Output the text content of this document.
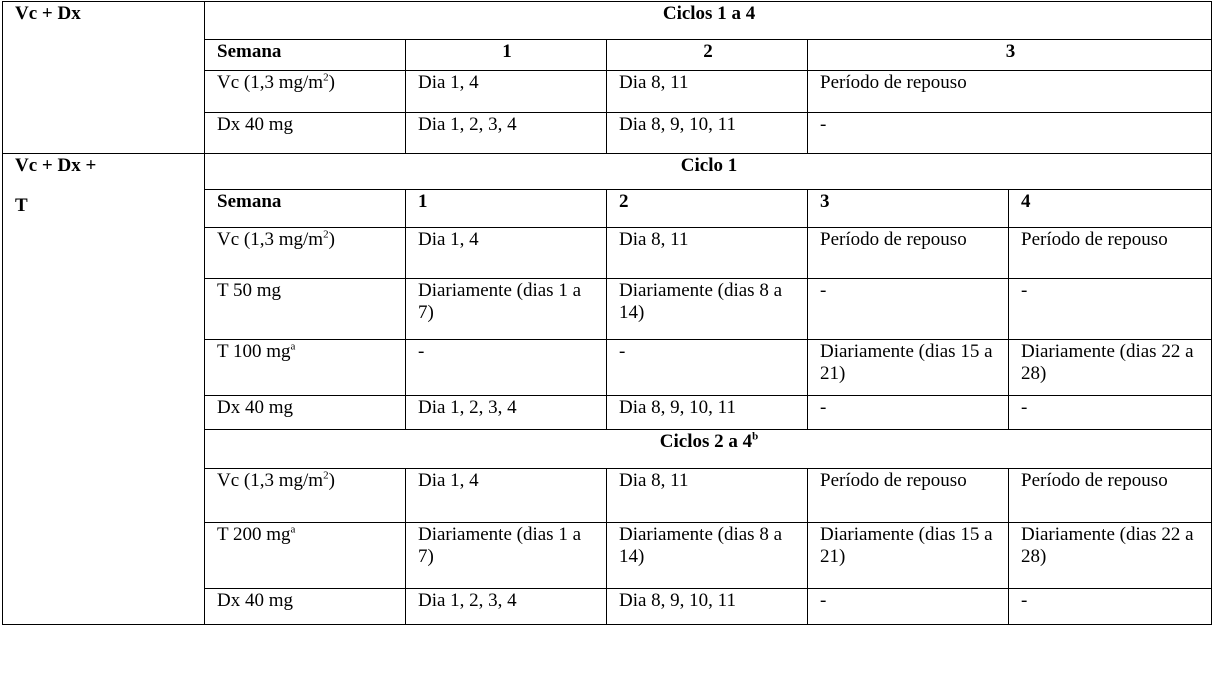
Vc + Dx	Ciclos 1 a 4				
	Semana	1	2	3	
	Vc (1,3 $mg/m^2$)	Dia 1, 4	Dia 8, 11	Período de repouso	
	Dx 40 mg	Dia 1, 2, 3, 4	Dia 8, 9, 10, 11	-	

Vc + Dx +
T	Ciclo 1				
	Semana	1	2	3	4
	Vc (1,3 $mg/m^2$)	Dia 1, 4	Dia 8, 11	Período de repouso	Período de repouso
	T 50 mg	Diariamente (dias 1 a 7)	Diariamente (dias 8 a 14)	-	-
	T 100 $mg^a$	-	-	Diariamente (dias 15 a 21)	Diariamente (dias 22 a 28)
	Dx 40 mg	Dia 1, 2, 3, 4	Dia 8, 9, 10, 11	-	-
	Ciclos 2 a 4$^b$
	Vc (1,3 $mg/m^2$)	Dia 1, 4	Dia 8, 11	Período de repouso	Período de repouso
	T 200 $mg^a$	Diariamente (dias 1 a 7)	Diariamente (dias 8 a 14)	Diariamente (dias 15 a 21)	Diariamente (dias 22 a 28)
	Dx 40 mg	Dia 1, 2, 3, 4	Dia 8, 9, 10, 11	-	-
